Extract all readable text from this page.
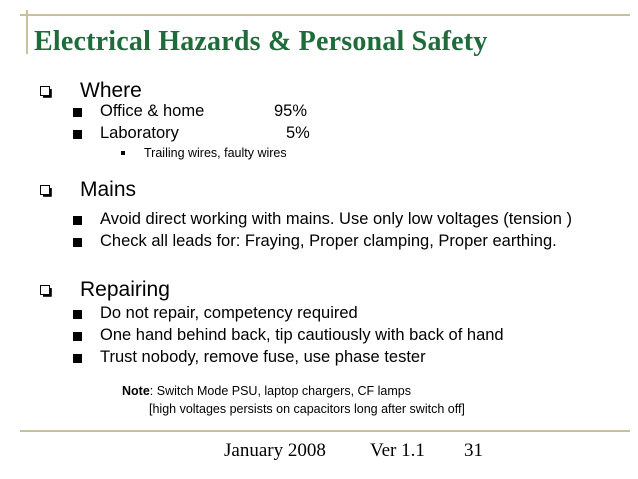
Electrical Hazards & Personal Safety
Where
Office & home	95%
Laboratory	5%
Trailing wires, faulty wires
Mains
Avoid direct working with mains. Use only low voltages (tension )
Check all leads for: Fraying, Proper clamping, Proper earthing.
Repairing
Do not repair, competency required
One hand behind back, tip cautiously with back of hand
Trust nobody, remove fuse, use phase tester
Note: Switch Mode PSU, laptop chargers, CF lamps
[high voltages persists on capacitors long after switch off]
January 2008 Ver 1.1 31
